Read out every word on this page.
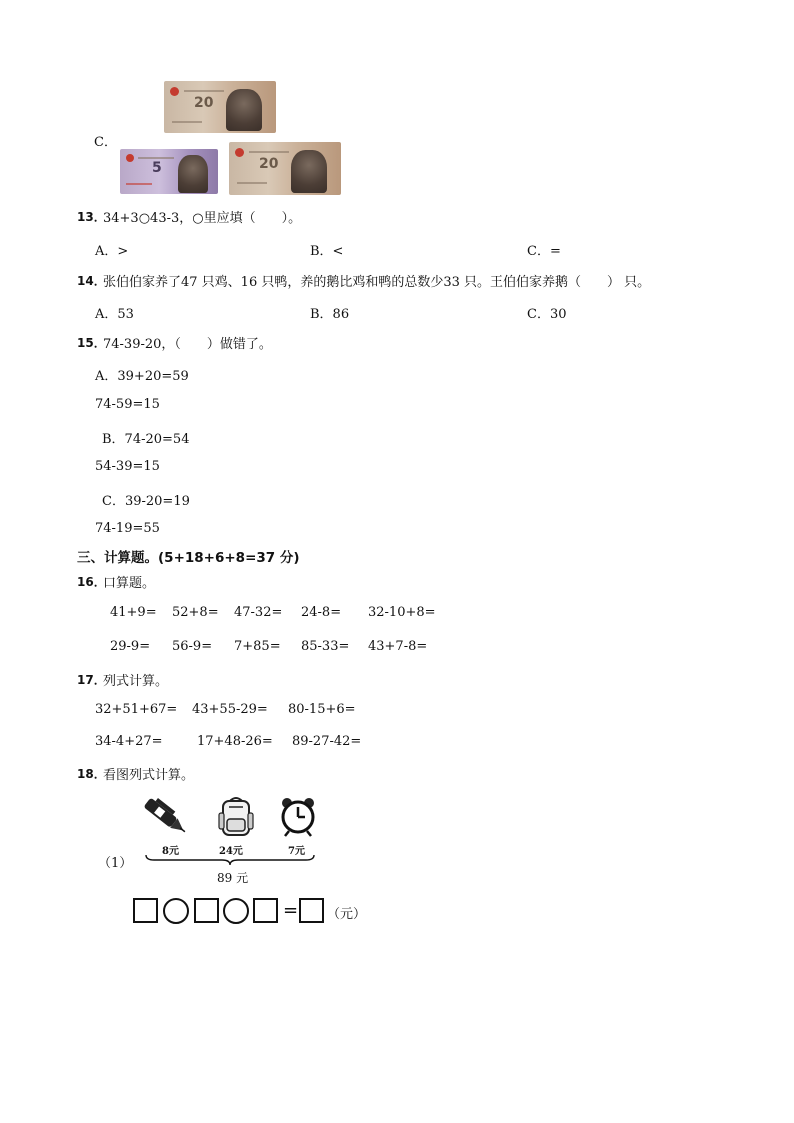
20
C．
5	20
13．
34+3○43-3，○里应填（　　）。
A．>	B．<	C．=
14．
张伯伯家养了47 只鸡、16 只鸭，养的鹅比鸡和鸭的总数少33 只。王伯伯家养鹅（　　） 只。
A．53	B．86	C．30
15．
74-39-20，（　　）做错了。
A．39+20=59
74-59=15
B．74-20=54
54-39=15
C．39-20=19
74-19=55
三、计算题。(5+18+6+8=37 分)
16．
口算题。
41+9= 52+8= 47-32= 24-8= 32-10+8=
29-9= 56-9= 7+85= 85-33= 43+7-8=
17．
列式计算。
32+51+67= 43+55-29= 80-15+6=
34-4+27=	17+48-26= 89-27-42=
18．
看图列式计算。
8元	24元	7元
（1）
89 元
= （元）
